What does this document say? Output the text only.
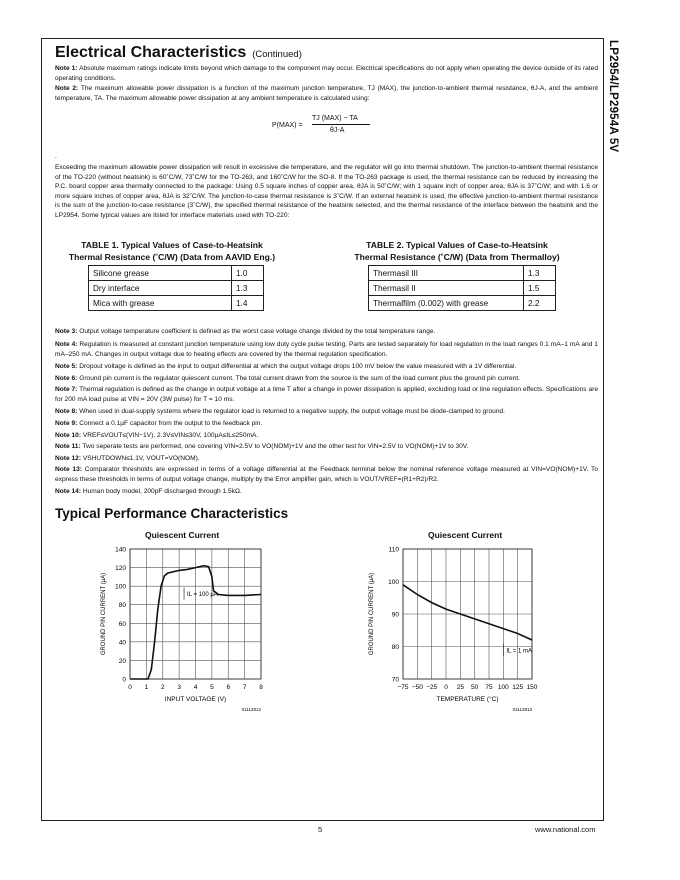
LP2954/LP2954A 5V
Electrical Characteristics (Continued)
Note 1: Absolute maximum ratings indicate limits beyond which damage to the component may occur. Electrical specifications do not apply when operating the device outside of its rated operating conditions.
Note 2: The maximum allowable power dissipation is a function of the maximum junction temperature, TJ (MAX), the junction-to-ambient thermal resistance, θJ-A, and the ambient temperature, TA. The maximum allowable power dissipation at any ambient temperature is calculated using:
P(MAX) =
TJ (MAX) − TA
θJ-A
.
Exceeding the maximum allowable power dissipation will result in excessive die temperature, and the regulator will go into thermal shutdown. The junction-to-ambient thermal resistance of the TO-220 (without heatsink) is 60˚C/W, 73˚C/W for the TO-263, and 160˚C/W for the SO-8. If the TO-263 package is used, the thermal resistance can be reduced by increasing the P.C. board copper area thermally connected to the package: Using 0.5 square inches of copper area, θJA is 50˚C/W; with 1 square inch of copper area, θJA is 37˚C/W; and with 1.6 or more square inches of copper area, θJA is 32˚C/W. The junction-to-case thermal resistance is 3˚C/W. If an external heatsink is used, the effective junction-to-ambient thermal resistance is the sum of the junction-to-case resistance (3˚C/W), the specified thermal resistance of the heatsink selected, and the thermal resistance of the interface between the heatsink and the LP2954. Some typical values are listed for interface materials used with TO-220:
TABLE 1. Typical Values of Case-to-Heatsink
Thermal Resistance (˚C/W) (Data from AAVID Eng.)
Silicone grease	1.0
Dry interface	1.3
Mica with grease	1.4
TABLE 2. Typical Values of Case-to-Heatsink
Thermal Resistance (˚C/W) (Data from Thermalloy)
Thermasil III	1.3
Thermasil II	1.5
Thermalfilm (0.002) with grease	2.2
Note 3: Output voltage temperature coefficient is defined as the worst case voltage change divided by the total temperature range.
Note 4: Regulation is measured at constant junction temperature using low duty cycle pulse testing. Parts are tested separately for load regulation in the load ranges 0.1 mA–1 mA and 1 mA–250 mA. Changes in output voltage due to heating effects are covered by the thermal regulation specification.
Note 5: Dropout voltage is defined as the input to output differential at which the output voltage drops 100 mV below the value measured with a 1V differential.
Note 6: Ground pin current is the regulator quiescent current. The total current drawn from the source is the sum of the load current plus the ground pin current.
Note 7: Thermal regulation is defined as the change in output voltage at a time T after a change in power dissipation is applied, excluding load or line regulation effects. Specifications are for 200 mA load pulse at VIN = 20V (3W pulse) for T = 10 ms.
Note 8: When used in dual-supply systems where the regulator load is returned to a negative supply, the output voltage must be diode-clamped to ground.
Note 9: Connect a 0.1µF capacitor from the output to the feedback pin.
Note 10: VREF≤VOUT≤(VIN−1V), 2.3V≤VIN≤30V, 100µA≤IL≤250mA.
Note 11: Two seperate tests are performed, one covering VIN=2.5V to VO(NOM)+1V and the other test for VIN=2.5V to VO(NOM)+1V to 30V.
Note 12: VSHUTDOWN≤1.1V, VOUT=VO(NOM).
Note 13: Comparator thresholds are expressed in terms of a voltage differential at the Feedback terminal below the nominal reference voltage measured at VIN=VO(NOM)+1V. To express these thresholds in terms of output voltage change, multiply by the Error amplifier gain, which is VOUT/VREF=(R1+R2)/R2.
Note 14: Human body model, 200pF discharged through 1.5kΩ.
Typical Performance Characteristics
Quiescent Current	Quiescent Current
0 1 2 3 4 5 6 7 8
0
20
40
60
80
100
120
140
IL = 100 µA
INPUT VOLTAGE (V)
GROUND PIN CURRENT (µA)
01112812
−75 −50 −25 0 25 50 75 100 125 150
70
80
90
100
110
IL = 1 mA
TEMPERATURE (°C)
GROUND PIN CURRENT (µA)
01112813
5	www.national.com
